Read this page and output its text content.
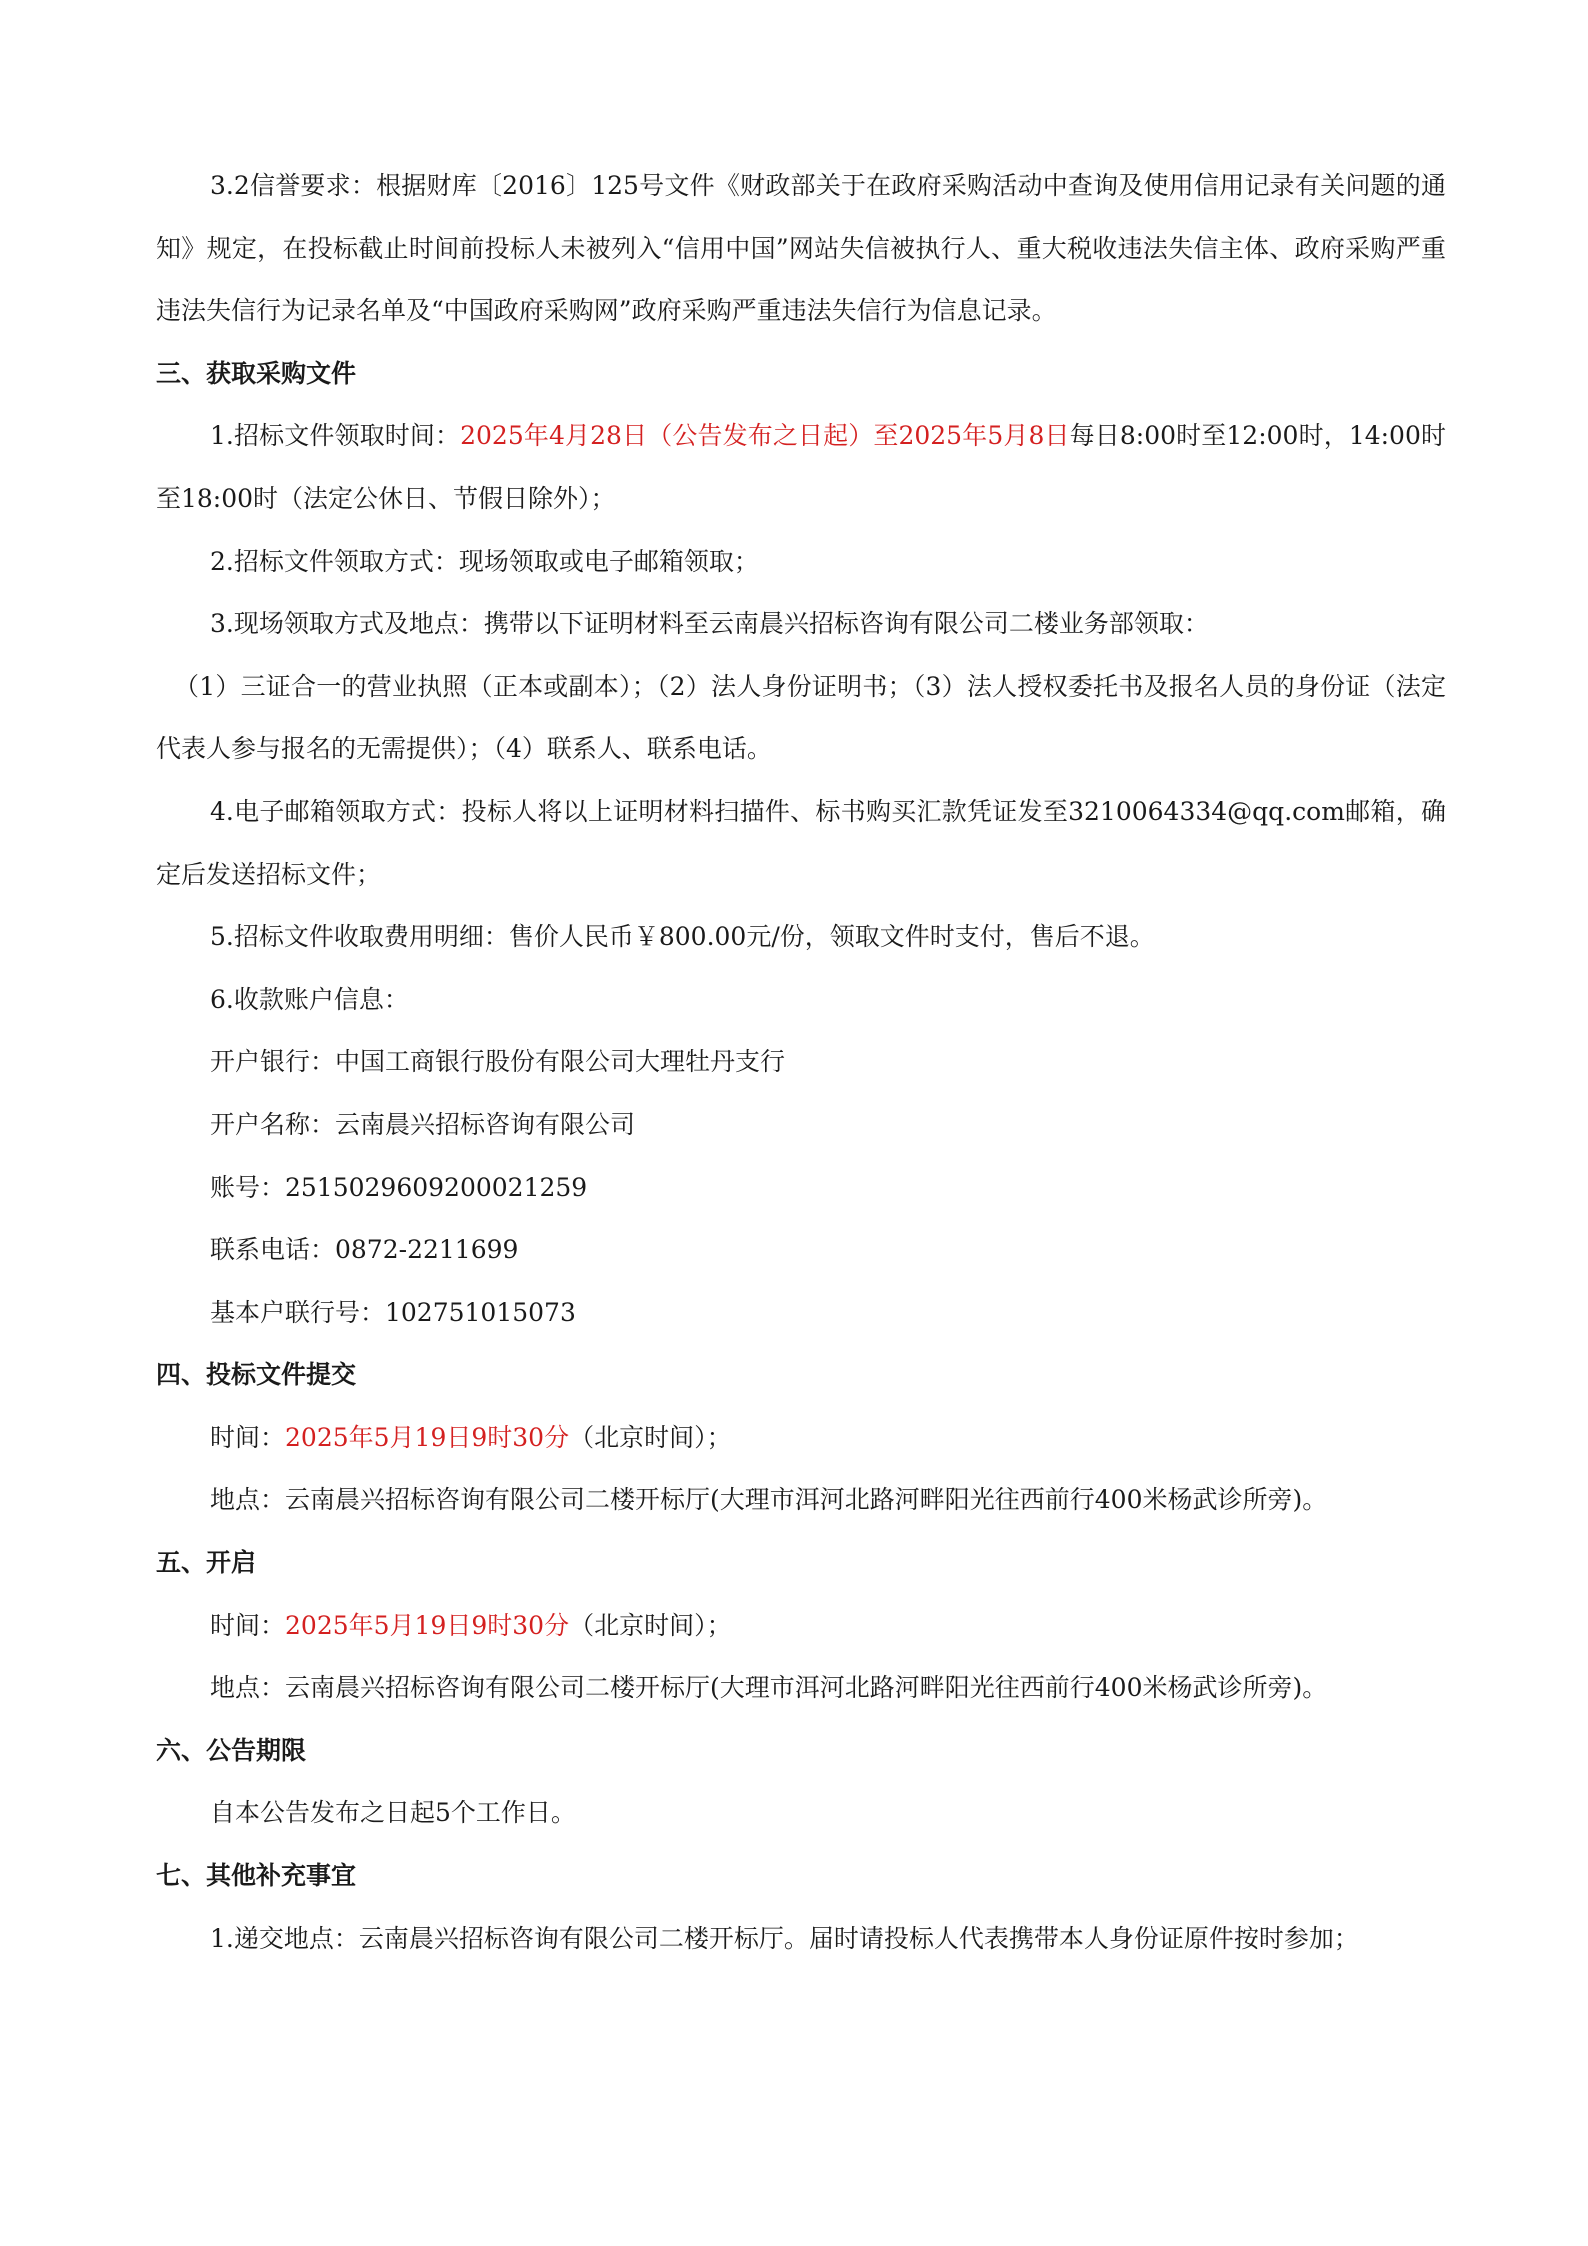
3.2信誉要求：根据财库〔2016〕125号文件《财政部关于在政府采购活动中查询及使用信用记录有关问题的通知》规定，在投标截止时间前投标人未被列入“信用中国”网站失信被执行人、重大税收违法失信主体、政府采购严重违法失信行为记录名单及“中国政府采购网”政府采购严重违法失信行为信息记录。

三、获取采购文件

1.招标文件领取时间：2025年4月28日（公告发布之日起）至2025年5月8日每日8:00时至12:00时，14:00时至18:00时（法定公休日、节假日除外）；

2.招标文件领取方式：现场领取或电子邮箱领取；

3.现场领取方式及地点：携带以下证明材料至云南晨兴招标咨询有限公司二楼业务部领取：

（1）三证合一的营业执照（正本或副本）；（2）法人身份证明书；（3）法人授权委托书及报名人员的身份证（法定代表人参与报名的无需提供）；（4）联系人、联系电话。

4.电子邮箱领取方式：投标人将以上证明材料扫描件、标书购买汇款凭证发至3210064334@qq.com邮箱，确定后发送招标文件；

5.招标文件收取费用明细：售价人民币￥800.00元/份，领取文件时支付，售后不退。

6.收款账户信息：

开户银行：中国工商银行股份有限公司大理牡丹支行

开户名称：云南晨兴招标咨询有限公司

账号：2515029609200021259

联系电话：0872-2211699

基本户联行号：102751015073

四、投标文件提交

时间：2025年5月19日9时30分（北京时间）；

地点：云南晨兴招标咨询有限公司二楼开标厅(大理市洱河北路河畔阳光往西前行400米杨武诊所旁)。

五、开启

时间：2025年5月19日9时30分（北京时间）；

地点：云南晨兴招标咨询有限公司二楼开标厅(大理市洱河北路河畔阳光往西前行400米杨武诊所旁)。

六、公告期限

自本公告发布之日起5个工作日。

七、其他补充事宜

1.递交地点：云南晨兴招标咨询有限公司二楼开标厅。届时请投标人代表携带本人身份证原件按时参加；
